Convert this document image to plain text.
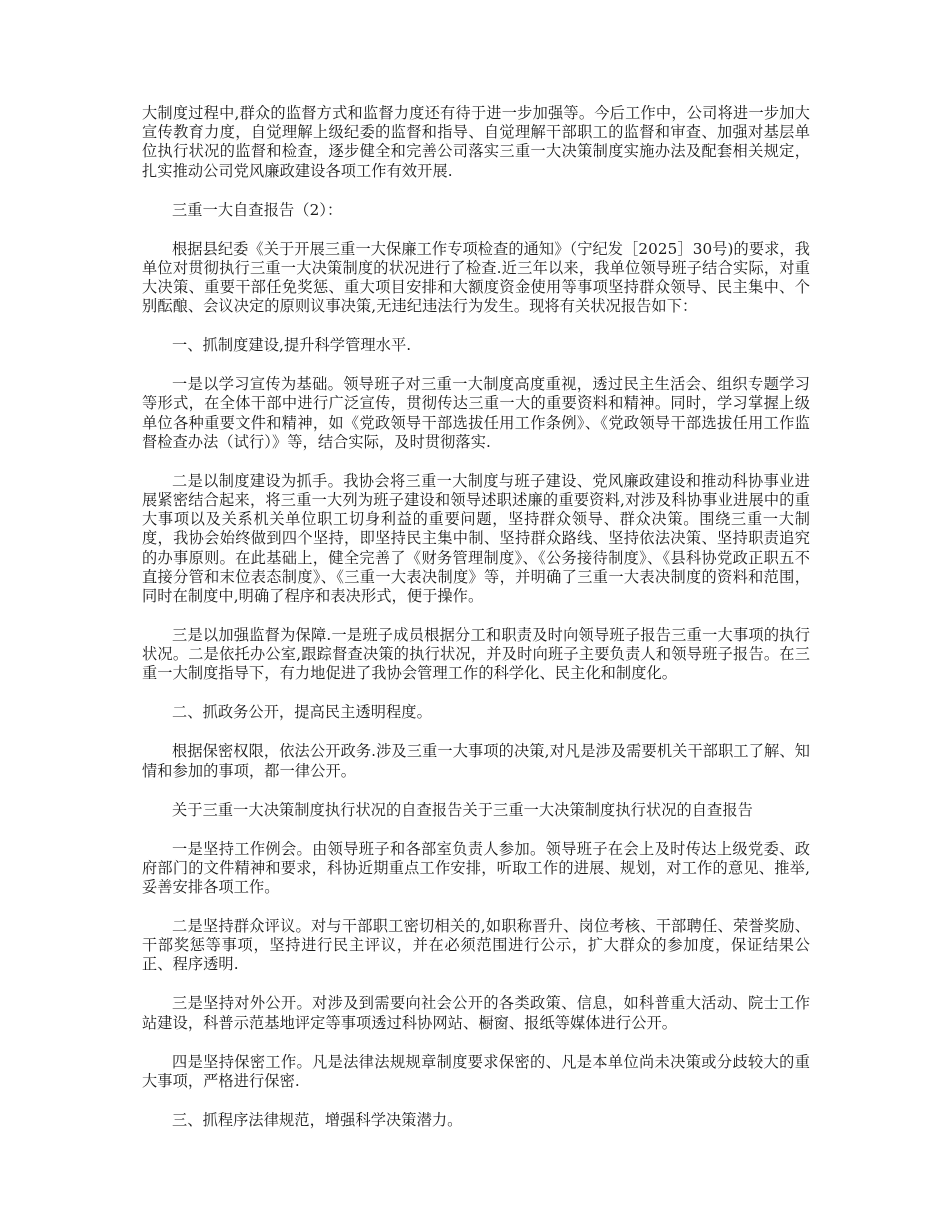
大制度过程中,群众的监督方式和监督力度还有待于进一步加强等。今后工作中，公司将进一步加大宣传教育力度，自觉理解上级纪委的监督和指导、自觉理解干部职工的监督和审查、加强对基层单位执行状况的监督和检查，逐步健全和完善公司落实三重一大决策制度实施办法及配套相关规定，扎实推动公司党风廉政建设各项工作有效开展.

三重一大自查报告（2）：

根据县纪委《关于开展三重一大保廉工作专项检查的通知》（宁纪发［2025］30号)的要求，我单位对贯彻执行三重一大决策制度的状况进行了检查.近三年以来，我单位领导班子结合实际，对重大决策、重要干部任免奖惩、重大项目安排和大额度资金使用等事项坚持群众领导、民主集中、个别酝酿、会议决定的原则议事决策,无违纪违法行为发生。现将有关状况报告如下：

一、抓制度建设,提升科学管理水平.

一是以学习宣传为基础。领导班子对三重一大制度高度重视，透过民主生活会、组织专题学习等形式，在全体干部中进行广泛宣传，贯彻传达三重一大的重要资料和精神。同时，学习掌握上级单位各种重要文件和精神，如《党政领导干部选拔任用工作条例》、《党政领导干部选拔任用工作监督检查办法（试行）》等，结合实际，及时贯彻落实.

二是以制度建设为抓手。我协会将三重一大制度与班子建设、党风廉政建设和推动科协事业进展紧密结合起来，将三重一大列为班子建设和领导述职述廉的重要资料,对涉及科协事业进展中的重大事项以及关系机关单位职工切身利益的重要问题，坚持群众领导、群众决策。围绕三重一大制度，我协会始终做到四个坚持，即坚持民主集中制、坚持群众路线、坚持依法决策、坚持职责追究的办事原则。在此基础上，健全完善了《财务管理制度》、《公务接待制度》、《县科协党政正职五不直接分管和末位表态制度》、《三重一大表决制度》等，并明确了三重一大表决制度的资料和范围，同时在制度中,明确了程序和表决形式，便于操作。

三是以加强监督为保障.一是班子成员根据分工和职责及时向领导班子报告三重一大事项的执行状况。二是依托办公室,跟踪督查决策的执行状况，并及时向班子主要负责人和领导班子报告。在三重一大制度指导下，有力地促进了我协会管理工作的科学化、民主化和制度化。

二、抓政务公开，提高民主透明程度。

根据保密权限，依法公开政务.涉及三重一大事项的决策,对凡是涉及需要机关干部职工了解、知情和参加的事项，都一律公开。

关于三重一大决策制度执行状况的自查报告关于三重一大决策制度执行状况的自查报告

一是坚持工作例会。由领导班子和各部室负责人参加。领导班子在会上及时传达上级党委、政府部门的文件精神和要求，科协近期重点工作安排，听取工作的进展、规划，对工作的意见、推举,妥善安排各项工作。

二是坚持群众评议。对与干部职工密切相关的,如职称晋升、岗位考核、干部聘任、荣誉奖励、干部奖惩等事项，坚持进行民主评议，并在必须范围进行公示，扩大群众的参加度，保证结果公正、程序透明.

三是坚持对外公开。对涉及到需要向社会公开的各类政策、信息，如科普重大活动、院士工作站建设，科普示范基地评定等事项透过科协网站、橱窗、报纸等媒体进行公开。

四是坚持保密工作。凡是法律法规规章制度要求保密的、凡是本单位尚未决策或分歧较大的重大事项，严格进行保密.

三、抓程序法律规范，增强科学决策潜力。
